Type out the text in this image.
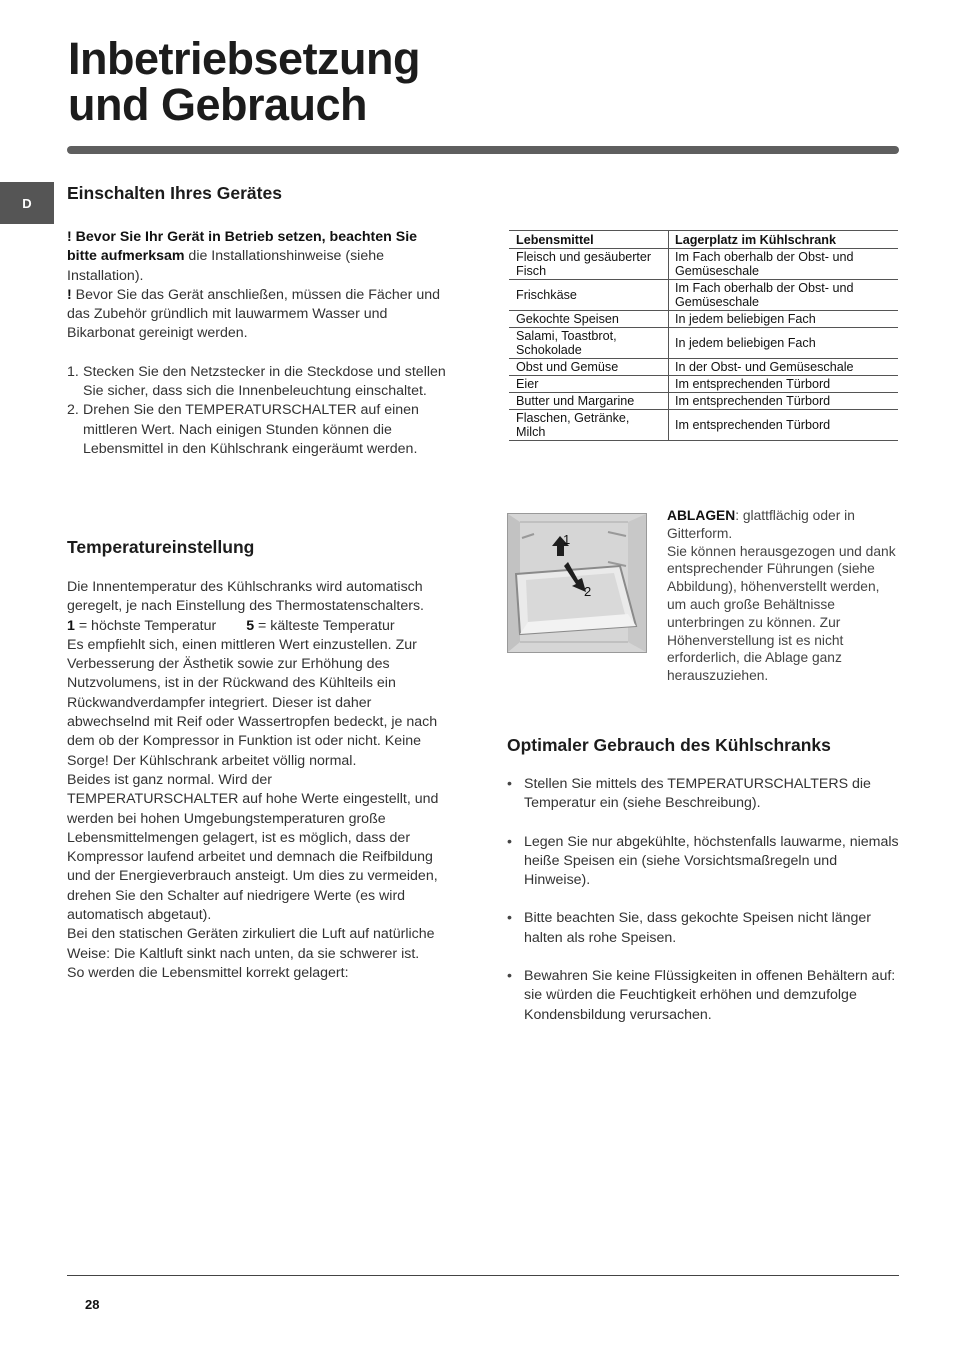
Inbetriebsetzung
und Gebrauch
D	Einschalten Ihres Gerätes

! Bevor Sie Ihr Gerät in Betrieb setzen, beachten Sie bitte aufmerksam die Installationshinweise (siehe Installation).

! Bevor Sie das Gerät anschließen, müssen die Fächer und das Zubehör gründlich mit lauwarmem Wasser und Bikarbonat gereinigt werden.

1. Stecken Sie den Netzstecker in die Steckdose und stellen Sie sicher, dass sich die Innenbeleuchtung einschaltet.
2. Drehen Sie den TEMPERATURSCHALTER auf einen mittleren Wert. Nach einigen Stunden können die Lebensmittel in den Kühlschrank eingeräumt werden.
Temperatureinstellung

Die Innentemperatur des Kühlschranks wird automatisch geregelt, je nach Einstellung des Thermostatenschalters.

1 = höchste Temperatur 5 = kälteste Temperatur

Es empfiehlt sich, einen mittleren Wert einzustellen. Zur Verbesserung der Ästhetik sowie zur Erhöhung des Nutzvolumens, ist in der Rückwand des Kühlteils ein Rückwandverdampfer integriert. Dieser ist daher abwechselnd mit Reif oder Wassertropfen bedeckt, je nach dem ob der Kompressor in Funktion ist oder nicht. Keine Sorge! Der Kühlschrank arbeitet völlig normal.

Beides ist ganz normal. Wird der TEMPERATURSCHALTER auf hohe Werte eingestellt, und werden bei hohen Umgebungstemperaturen große Lebensmittelmengen gelagert, ist es möglich, dass der Kompressor laufend arbeitet und demnach die Reifbildung und der Energieverbrauch ansteigt. Um dies zu vermeiden, drehen Sie den Schalter auf niedrigere Werte (es wird automatisch abgetaut).

Bei den statischen Geräten zirkuliert die Luft auf natürliche Weise: Die Kaltluft sinkt nach unten, da sie schwerer ist. So werden die Lebensmittel korrekt gelagert:

Lebensmittel	Lagerplatz im Kühlschrank
Fleisch und gesäuberter Fisch	Im Fach oberhalb der Obst- und Gemüseschale
Frischkäse	Im Fach oberhalb der Obst- und Gemüseschale
Gekochte Speisen	In jedem beliebigen Fach
Salami, Toastbrot, Schokolade	In jedem beliebigen Fach
Obst und Gemüse	In der Obst- und Gemüseschale
Eier	Im entsprechenden Türbord
Butter und Margarine	Im entsprechenden Türbord
Flaschen, Getränke, Milch	Im entsprechenden Türbord
1
2

ABLAGEN: glattflächig oder in Gitterform.

Sie können herausgezogen und dank entsprechender Führungen (siehe Abbildung), höhenverstellt werden, um auch große Behältnisse unterbringen zu können. Zur Höhenverstellung ist es nicht erforderlich, die Ablage ganz herauszuziehen.

Optimaler Gebrauch des Kühlschranks
• Stellen Sie mittels des TEMPERATURSCHALTERS die Temperatur ein (siehe Beschreibung).
• Legen Sie nur abgekühlte, höchstenfalls lauwarme, niemals heiße Speisen ein (siehe Vorsichtsmaßregeln und Hinweise).
• Bitte beachten Sie, dass gekochte Speisen nicht länger halten als rohe Speisen.
• Bewahren Sie keine Flüssigkeiten in offenen Behältern auf: sie würden die Feuchtigkeit erhöhen und demzufolge Kondensbildung verursachen.
28
